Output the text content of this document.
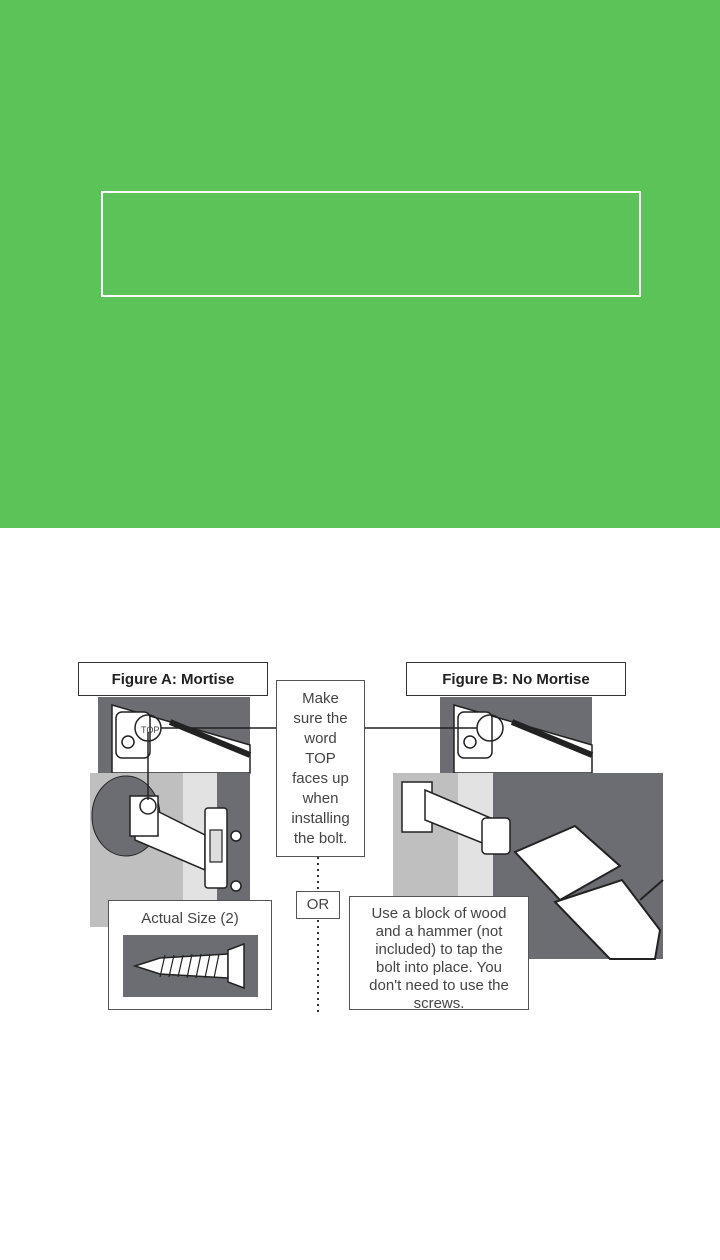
TOP
Figure A: Mortise	Figure B: No Mortise
Make
sure the
word
TOP
faces up
when
installing
the bolt.
OR
Actual Size (2)	Use a block of wood
and a hammer (not
included) to tap the
bolt into place. You
don't need to use the
screws.
